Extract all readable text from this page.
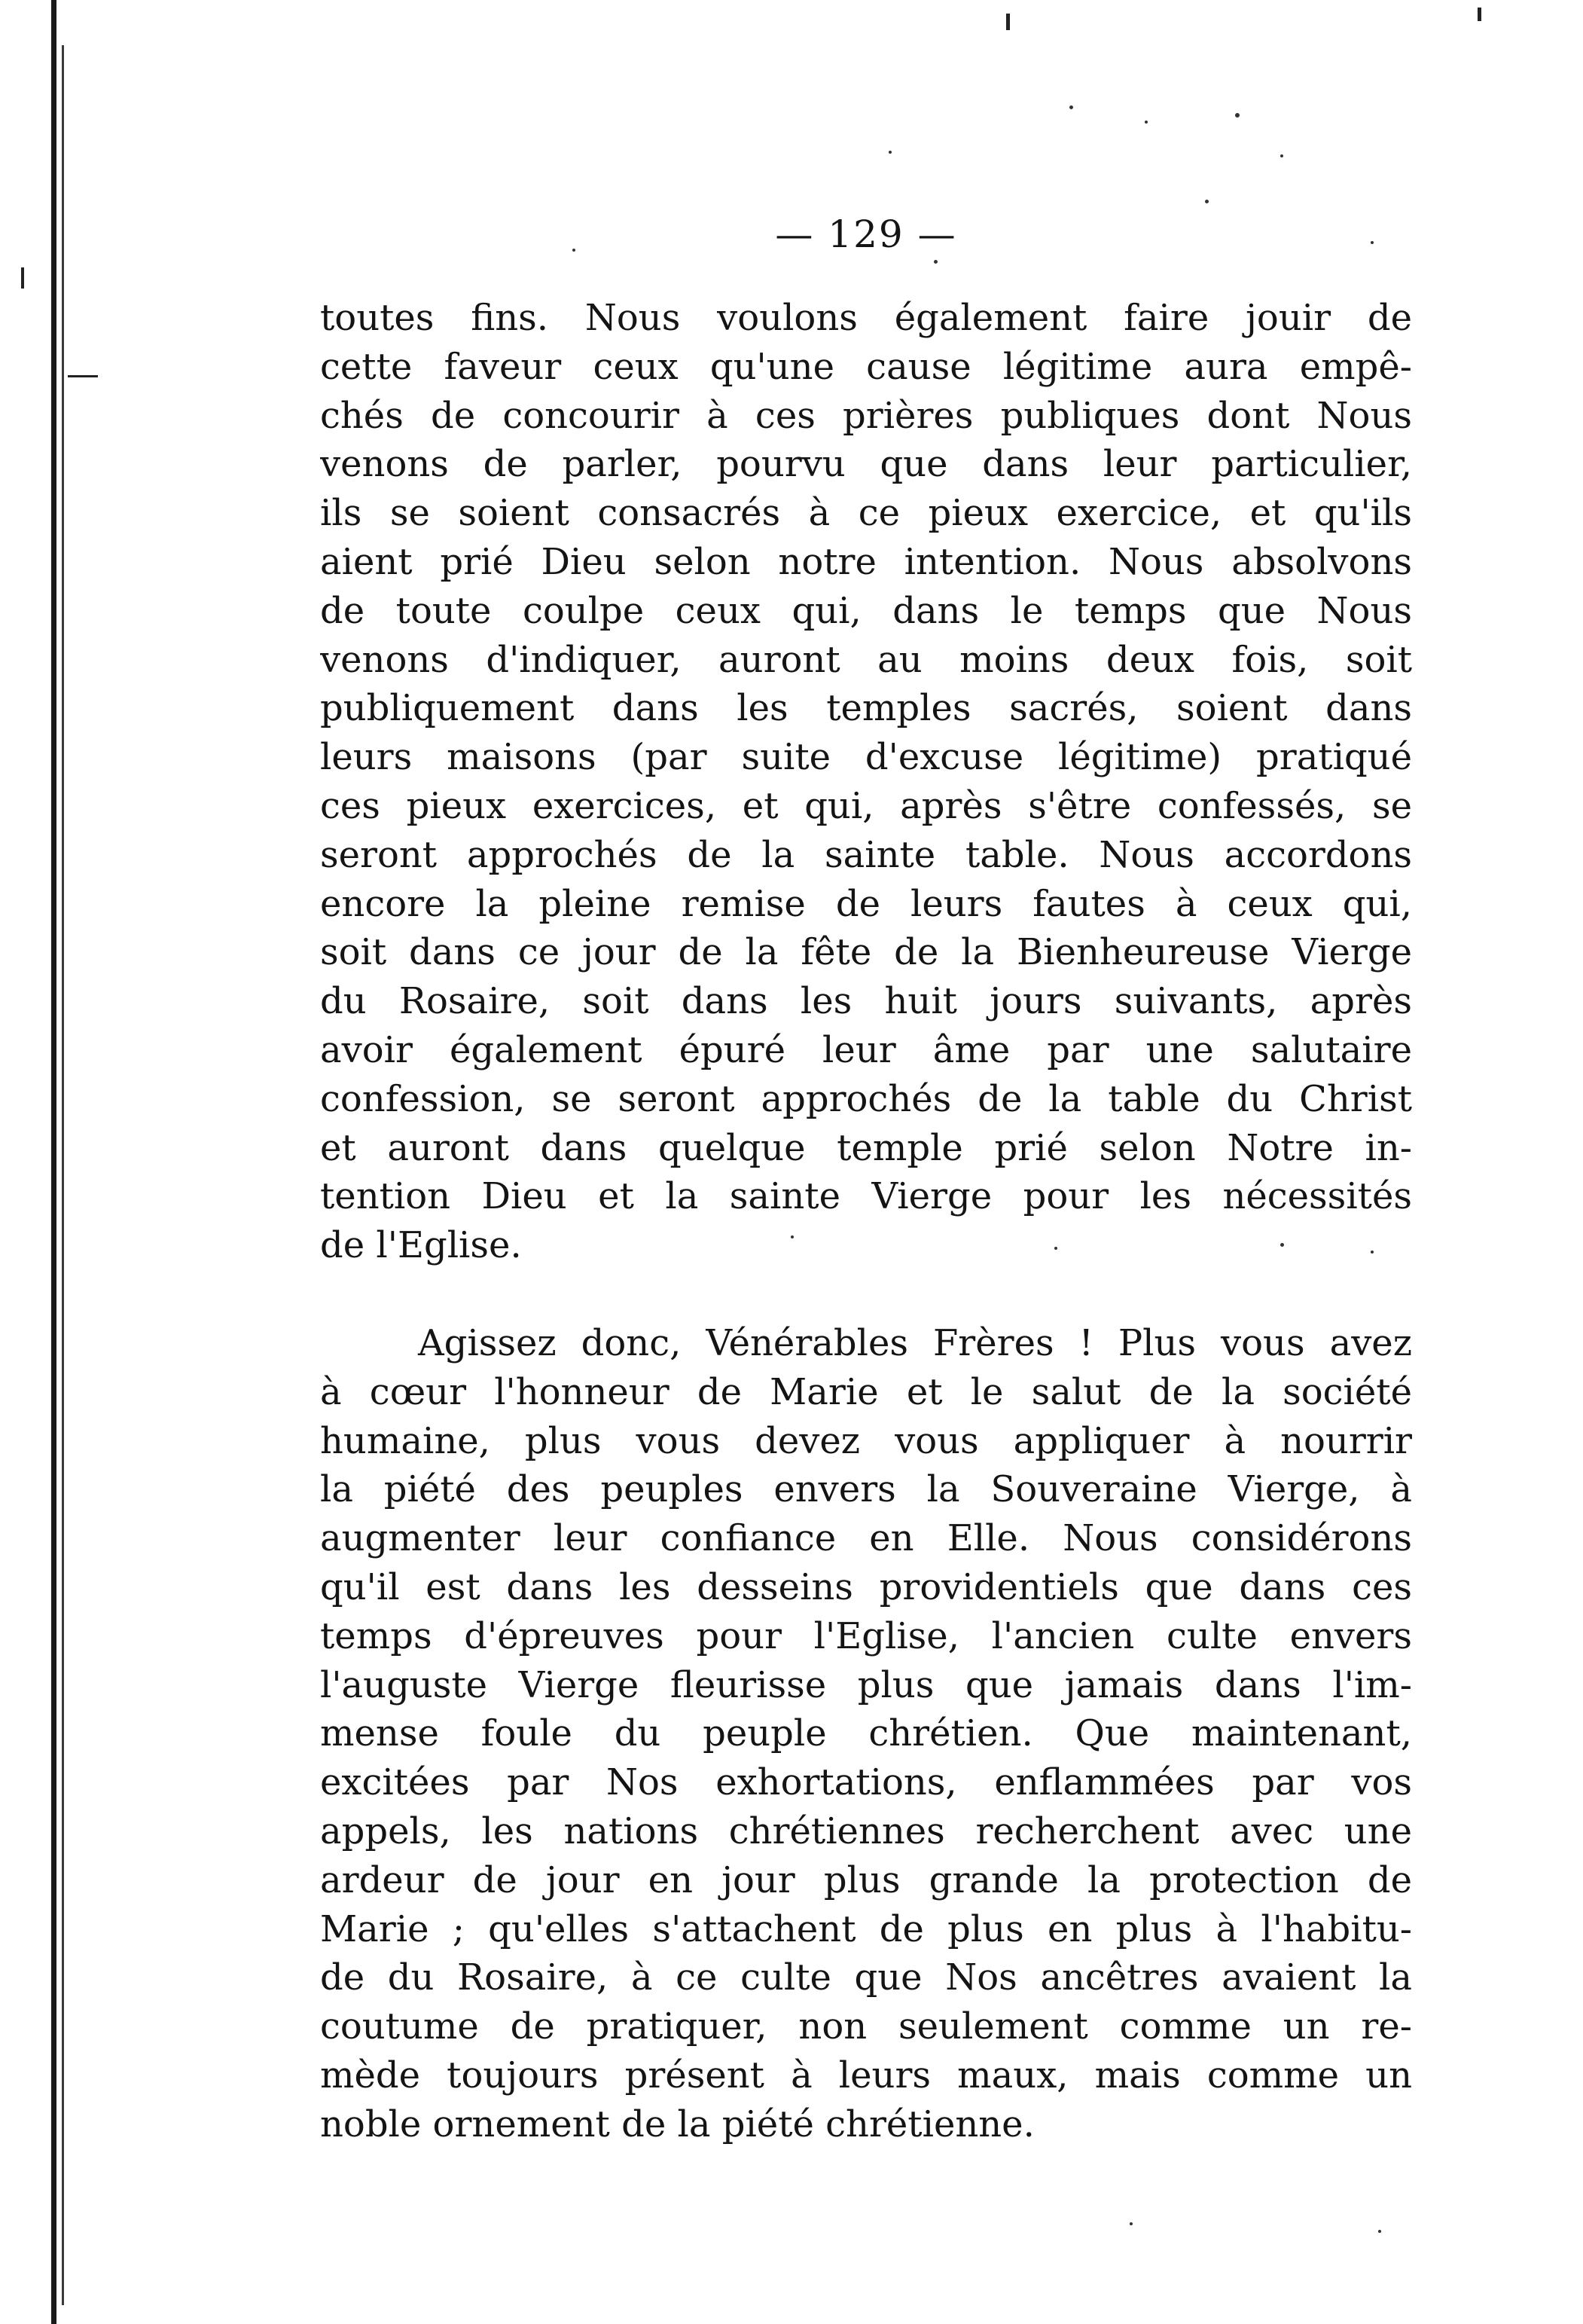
— 129 —
toutes fins. Nous voulons également faire jouir de
cette faveur ceux qu'une cause légitime aura empê-
chés de concourir à ces prières publiques dont Nous
venons de parler, pourvu que dans leur particulier,
ils se soient consacrés à ce pieux exercice, et qu'ils
aient prié Dieu selon notre intention. Nous absolvons
de toute coulpe ceux qui, dans le temps que Nous
venons d'indiquer, auront au moins deux fois, soit
publiquement dans les temples sacrés, soient dans
leurs maisons (par suite d'excuse légitime) pratiqué
ces pieux exercices, et qui, après s'être confessés, se
seront approchés de la sainte table. Nous accordons
encore la pleine remise de leurs fautes à ceux qui,
soit dans ce jour de la fête de la Bienheureuse Vierge
du Rosaire, soit dans les huit jours suivants, après
avoir également épuré leur âme par une salutaire
confession, se seront approchés de la table du Christ
et auront dans quelque temple prié selon Notre in-
tention Dieu et la sainte Vierge pour les nécessités
de l'Eglise.
Agissez donc, Vénérables Frères ! Plus vous avez
à cœur l'honneur de Marie et le salut de la société
humaine, plus vous devez vous appliquer à nourrir
la piété des peuples envers la Souveraine Vierge, à
augmenter leur confiance en Elle. Nous considérons
qu'il est dans les desseins providentiels que dans ces
temps d'épreuves pour l'Eglise, l'ancien culte envers
l'auguste Vierge fleurisse plus que jamais dans l'im-
mense foule du peuple chrétien. Que maintenant,
excitées par Nos exhortations, enflammées par vos
appels, les nations chrétiennes recherchent avec une
ardeur de jour en jour plus grande la protection de
Marie ; qu'elles s'attachent de plus en plus à l'habitu-
de du Rosaire, à ce culte que Nos ancêtres avaient la
coutume de pratiquer, non seulement comme un re-
mède toujours présent à leurs maux, mais comme un
noble ornement de la piété chrétienne.
